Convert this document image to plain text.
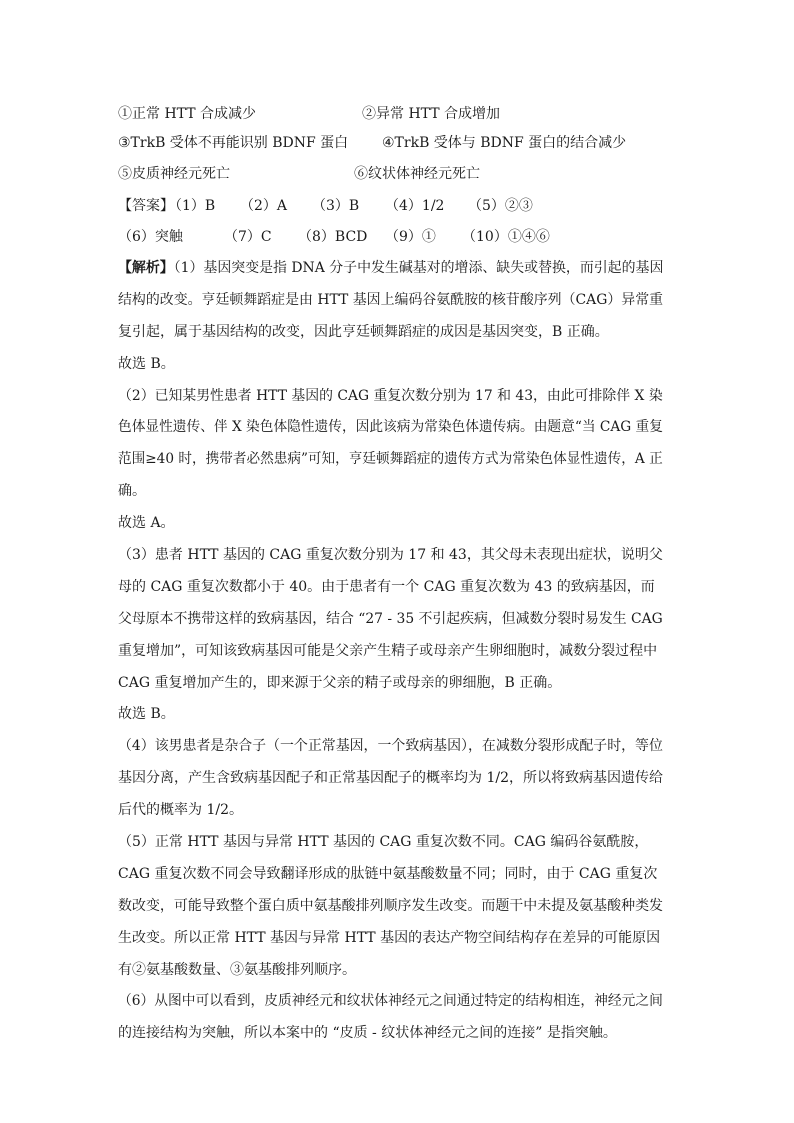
①正常 HTT 合成减少	②异常 HTT 合成增加
③TrkB 受体不再能识别 BDNF 蛋白 ④TrkB 受体与 BDNF 蛋白的结合减少
⑤皮质神经元死亡	⑥纹状体神经元死亡
【答案】
（1）B （2）A （3）B （4）1/2 （5）②③
（6）突触	（7）C （8）BCD （9）① （10）①④⑥
【解析】（1）基因突变是指 DNA 分子中发生碱基对的增添、缺失或替换，而引起的基因
结构的改变。亨廷顿舞蹈症是由 HTT 基因上编码谷氨酰胺的核苷酸序列（CAG）异常重
复引起，属于基因结构的改变，因此亨廷顿舞蹈症的成因是基因突变，B 正确。
故选 B。
（2）已知某男性患者 HTT 基因的 CAG 重复次数分别为 17 和 43，由此可排除伴 X 染
色体显性遗传、伴 X 染色体隐性遗传，因此该病为常染色体遗传病。由题意“当 CAG 重复
范围≥40 时，携带者必然患病”可知，亨廷顿舞蹈症的遗传方式为常染色体显性遗传，A 正
确。
故选 A。
（3）患者 HTT 基因的 CAG 重复次数分别为 17 和 43，其父母未表现出症状，说明父
母的 CAG 重复次数都小于 40。由于患者有一个 CAG 重复次数为 43 的致病基因，而
父母原本不携带这样的致病基因，结合 “27 - 35 不引起疾病，但减数分裂时易发生 CAG
重复增加”，可知该致病基因可能是父亲产生精子或母亲产生卵细胞时，减数分裂过程中
CAG 重复增加产生的，即来源于父亲的精子或母亲的卵细胞，B 正确。
故选 B。
（4）该男患者是杂合子（一个正常基因，一个致病基因），在减数分裂形成配子时，等位
基因分离，产生含致病基因配子和正常基因配子的概率均为 1/2，所以将致病基因遗传给
后代的概率为 1/2。
（5）正常 HTT 基因与异常 HTT 基因的 CAG 重复次数不同。CAG 编码谷氨酰胺，
CAG 重复次数不同会导致翻译形成的肽链中氨基酸数量不同；同时，由于 CAG 重复次
数改变，可能导致整个蛋白质中氨基酸排列顺序发生改变。而题干中未提及氨基酸种类发
生改变。所以正常 HTT 基因与异常 HTT 基因的表达产物空间结构存在差异的可能原因
有②氨基酸数量、③氨基酸排列顺序。
（6）从图中可以看到，皮质神经元和纹状体神经元之间通过特定的结构相连，神经元之间
的连接结构为突触，所以本案中的 “皮质 - 纹状体神经元之间的连接” 是指突触。
